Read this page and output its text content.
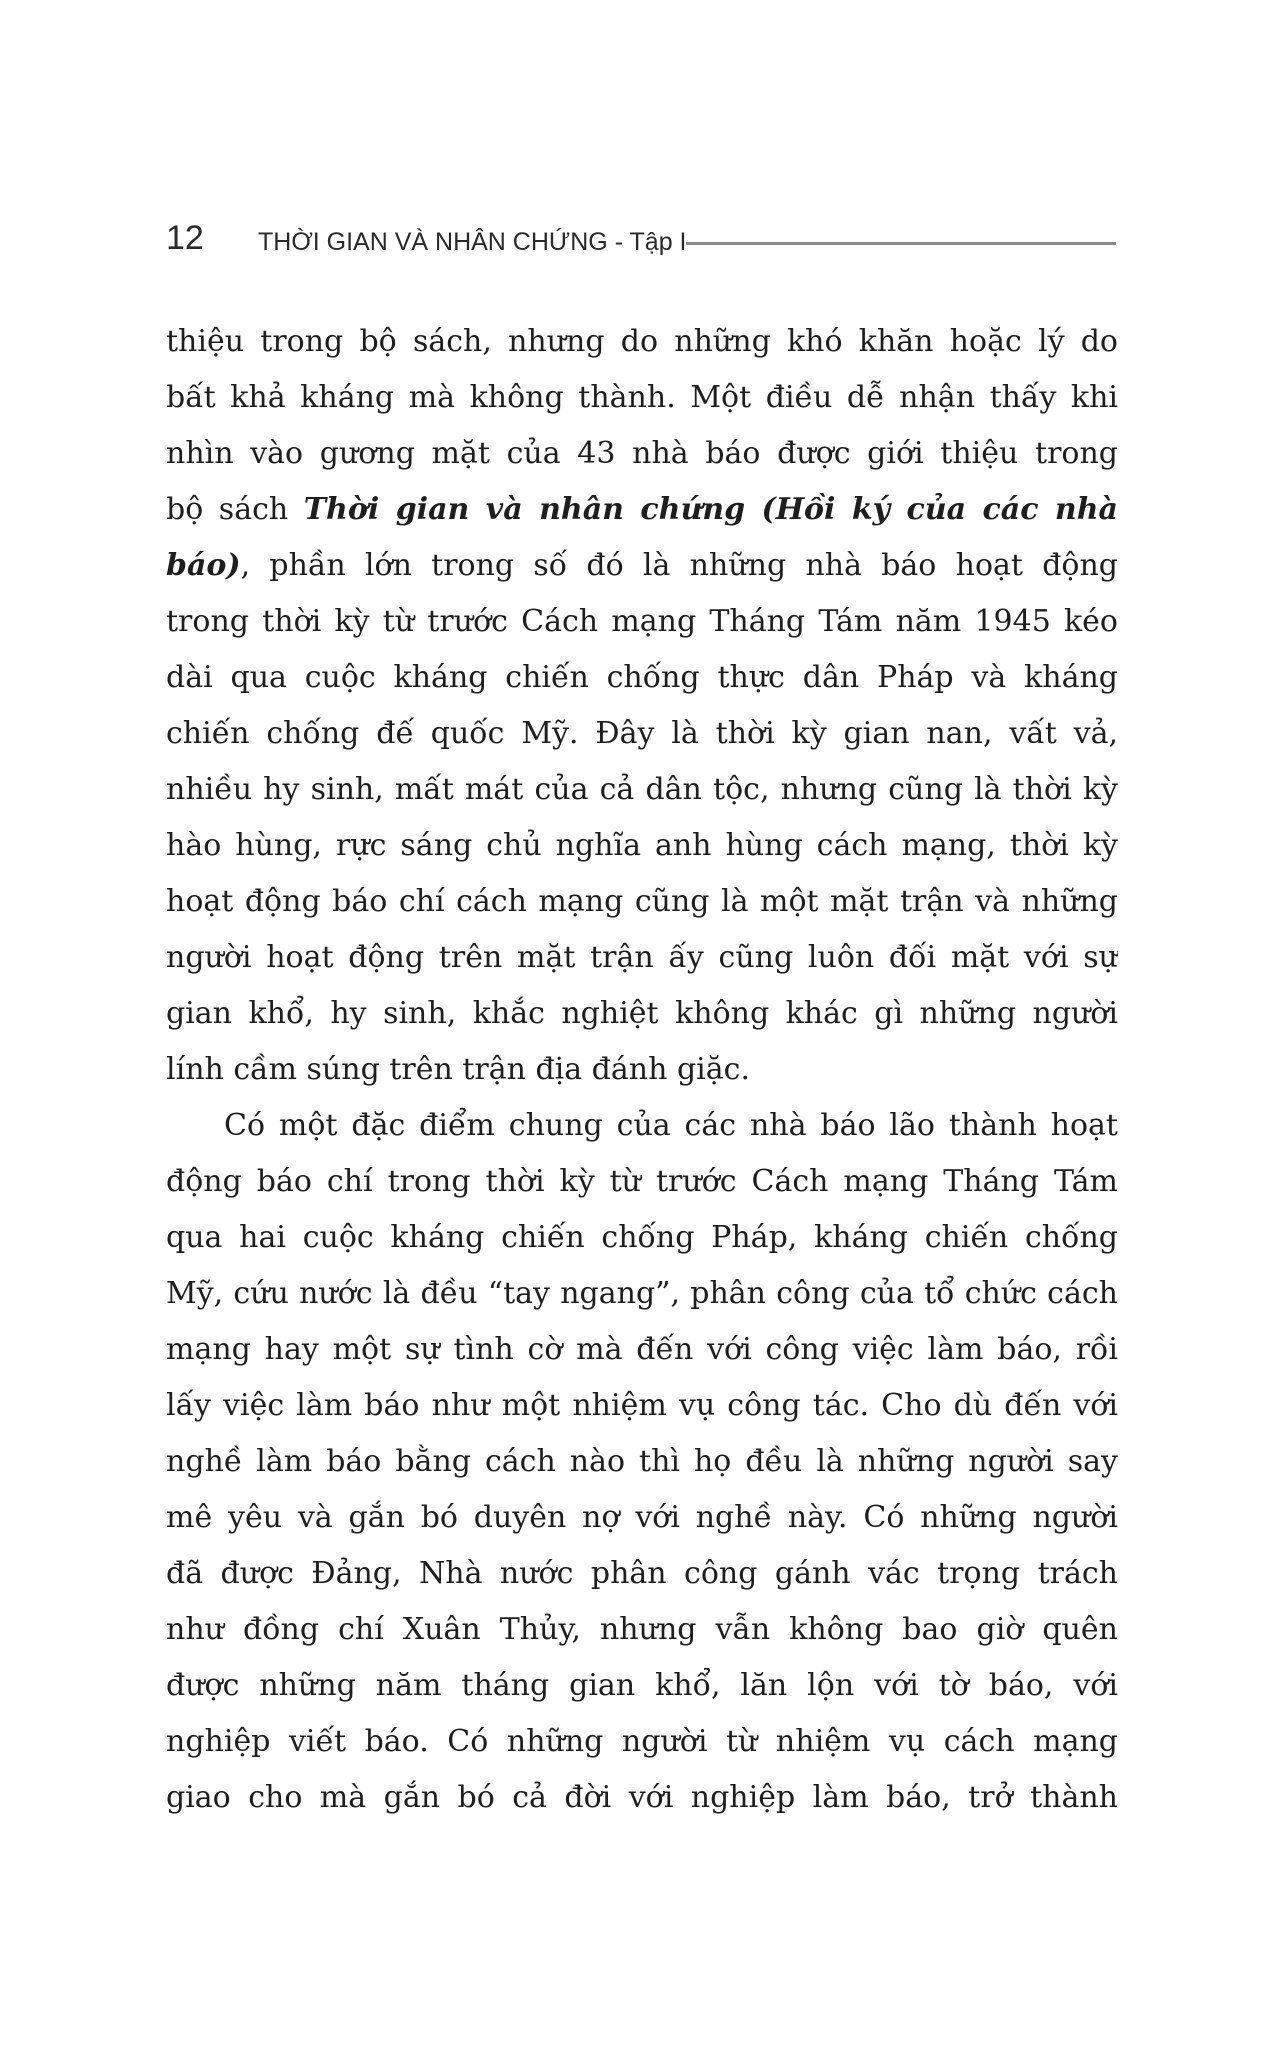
12 THỜI GIAN VÀ NHÂN CHỨNG - Tập I
thiệu trong bộ sách, nhưng do những khó khăn hoặc lý do
bất khả kháng mà không thành. Một điều dễ nhận thấy khi
nhìn vào gương mặt của 43 nhà báo được giới thiệu trong
bộ sách Thời gian và nhân chứng (Hồi ký của các nhà
báo), phần lớn trong số đó là những nhà báo hoạt động
trong thời kỳ từ trước Cách mạng Tháng Tám năm 1945 kéo
dài qua cuộc kháng chiến chống thực dân Pháp và kháng
chiến chống đế quốc Mỹ. Đây là thời kỳ gian nan, vất vả,
nhiều hy sinh, mất mát của cả dân tộc, nhưng cũng là thời kỳ
hào hùng, rực sáng chủ nghĩa anh hùng cách mạng, thời kỳ
hoạt động báo chí cách mạng cũng là một mặt trận và những
người hoạt động trên mặt trận ấy cũng luôn đối mặt với sự
gian khổ, hy sinh, khắc nghiệt không khác gì những người
lính cầm súng trên trận địa đánh giặc.
Có một đặc điểm chung của các nhà báo lão thành hoạt
động báo chí trong thời kỳ từ trước Cách mạng Tháng Tám
qua hai cuộc kháng chiến chống Pháp, kháng chiến chống
Mỹ, cứu nước là đều “tay ngang”, phân công của tổ chức cách
mạng hay một sự tình cờ mà đến với công việc làm báo, rồi
lấy việc làm báo như một nhiệm vụ công tác. Cho dù đến với
nghề làm báo bằng cách nào thì họ đều là những người say
mê yêu và gắn bó duyên nợ với nghề này. Có những người
đã được Đảng, Nhà nước phân công gánh vác trọng trách
như đồng chí Xuân Thủy, nhưng vẫn không bao giờ quên
được những năm tháng gian khổ, lăn lộn với tờ báo, với
nghiệp viết báo. Có những người từ nhiệm vụ cách mạng
giao cho mà gắn bó cả đời với nghiệp làm báo, trở thành
